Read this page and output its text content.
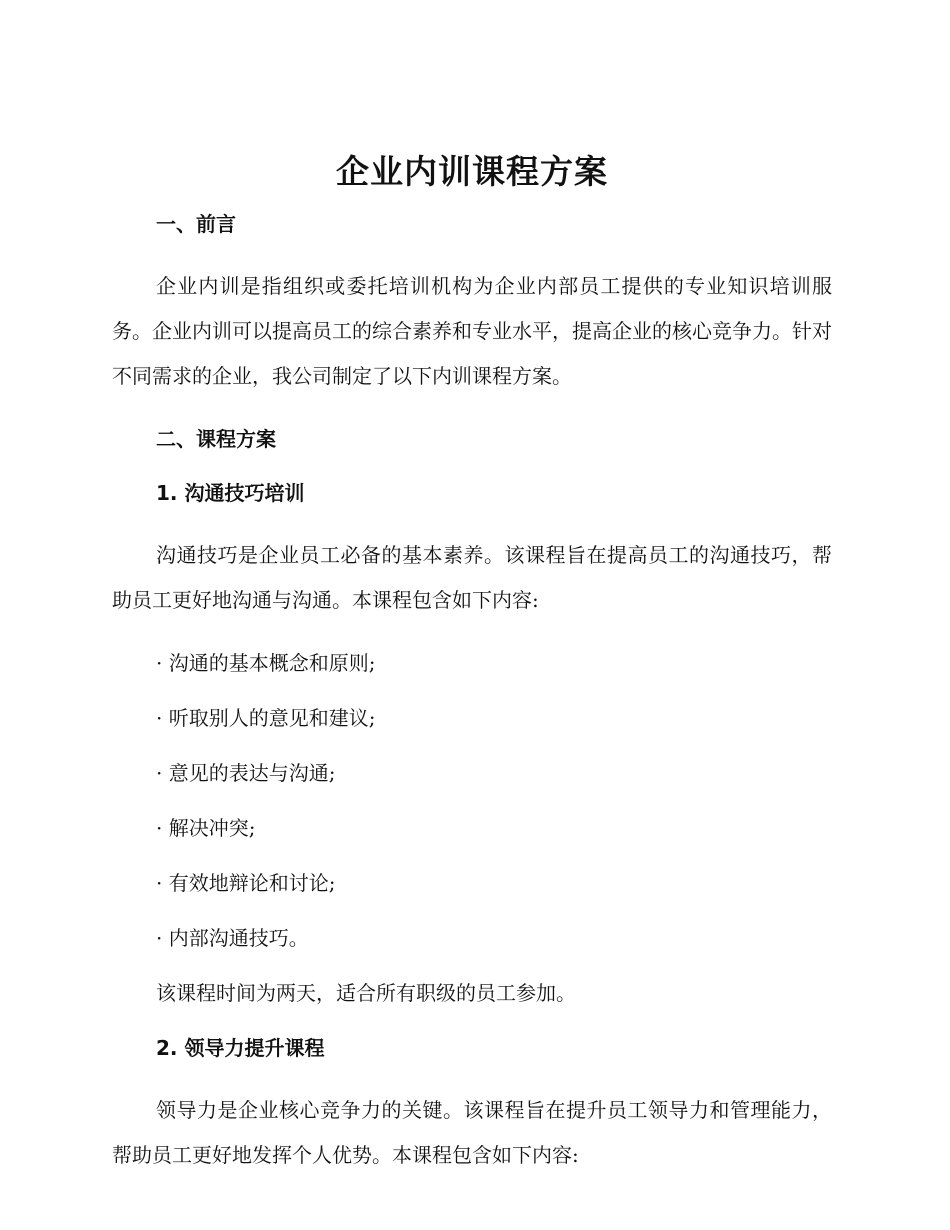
企业内训课程方案
一、前言

企业内训是指组织或委托培训机构为企业内部员工提供的专业知识培训服务。企业内训可以提高员工的综合素养和专业水平，提高企业的核心竞争力。针对不同需求的企业，我公司制定了以下内训课程方案。

二、课程方案
1. 沟通技巧培训

沟通技巧是企业员工必备的基本素养。该课程旨在提高员工的沟通技巧，帮助员工更好地沟通与沟通。本课程包含如下内容:

· 沟通的基本概念和原则;
· 听取别人的意见和建议;
· 意见的表达与沟通;
· 解决冲突;
· 有效地辩论和讨论;
· 内部沟通技巧。
该课程时间为两天，适合所有职级的员工参加。
2. 领导力提升课程

领导力是企业核心竞争力的关键。该课程旨在提升员工领导力和管理能力，帮助员工更好地发挥个人优势。本课程包含如下内容:
